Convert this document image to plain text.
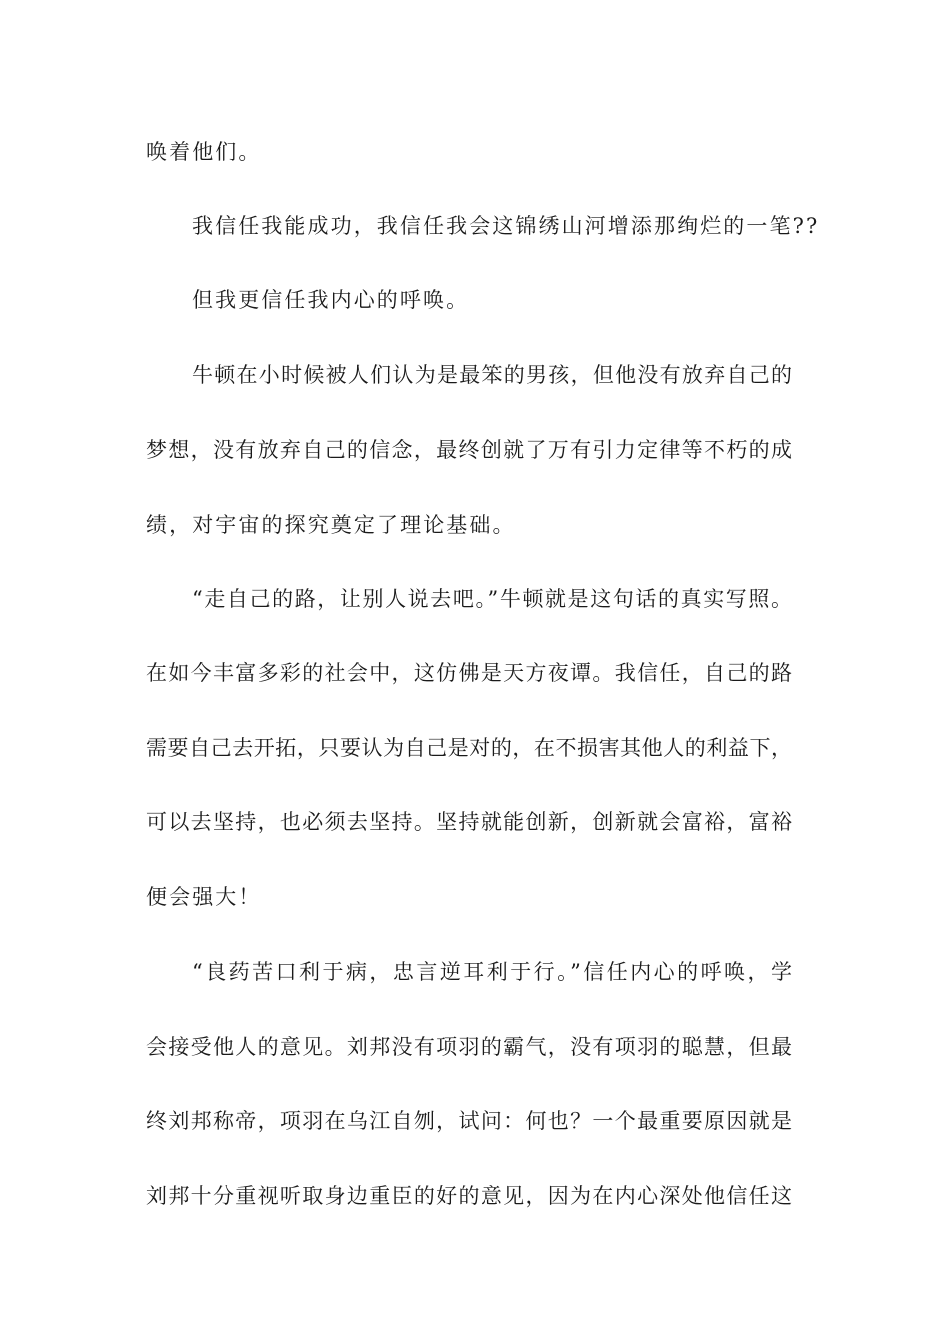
唤着他们。

我信任我能成功，我信任我会这锦绣山河增添那绚烂的一笔??

但我更信任我内心的呼唤。

牛顿在小时候被人们认为是最笨的男孩，但他没有放弃自己的

梦想，没有放弃自己的信念，最终创就了万有引力定律等不朽的成

绩，对宇宙的探究奠定了理论基础。

“走自己的路，让别人说去吧。”牛顿就是这句话的真实写照。

在如今丰富多彩的社会中，这仿佛是天方夜谭。我信任，自己的路

需要自己去开拓，只要认为自己是对的，在不损害其他人的利益下，

可以去坚持，也必须去坚持。坚持就能创新，创新就会富裕，富裕

便会强大！

“良药苦口利于病，忠言逆耳利于行。”信任内心的呼唤，学

会接受他人的意见。刘邦没有项羽的霸气，没有项羽的聪慧，但最

终刘邦称帝，项羽在乌江自刎，试问：何也？一个最重要原因就是

刘邦十分重视听取身边重臣的好的意见，因为在内心深处他信任这
